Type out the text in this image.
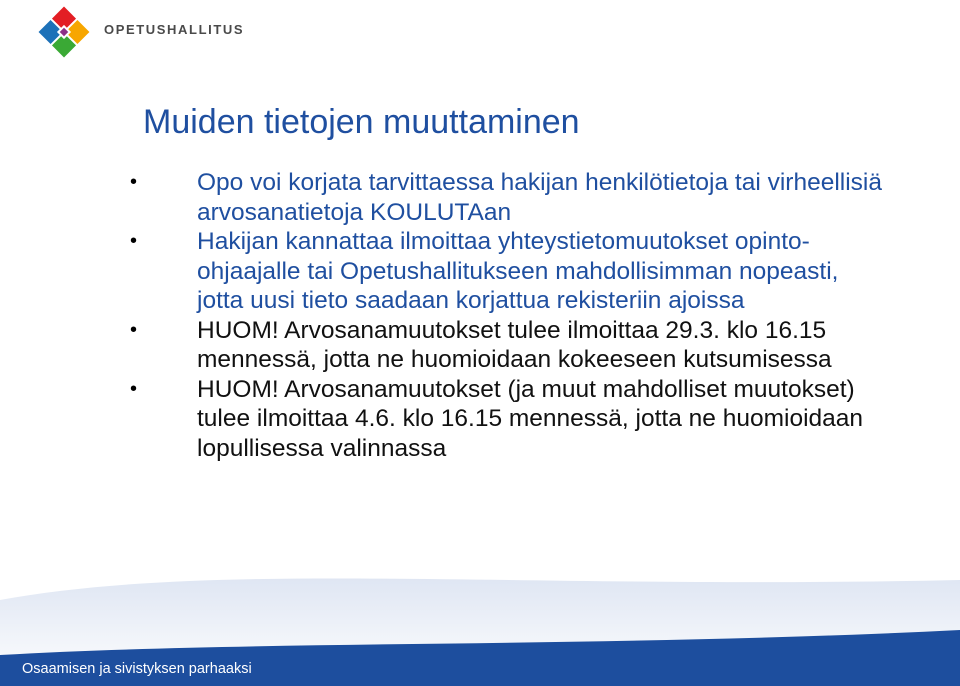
OPETUSHALLITUS
Muiden tietojen muuttaminen
• Opo voi korjata tarvittaessa hakijan henkilötietoja tai virheellisiä arvosanatietoja KOULUTAan
• Hakijan kannattaa ilmoittaa yhteystietomuutokset opinto-ohjaajalle tai Opetushallitukseen mahdollisimman nopeasti, jotta uusi tieto saadaan korjattua rekisteriin ajoissa
• HUOM! Arvosanamuutokset tulee ilmoittaa 29.3. klo 16.15 mennessä, jotta ne huomioidaan kokeeseen kutsumisessa
• HUOM! Arvosanamuutokset (ja muut mahdolliset muutokset) tulee ilmoittaa 4.6. klo 16.15 mennessä, jotta ne huomioidaan lopullisessa valinnassa
Osaamisen ja sivistyksen parhaaksi
